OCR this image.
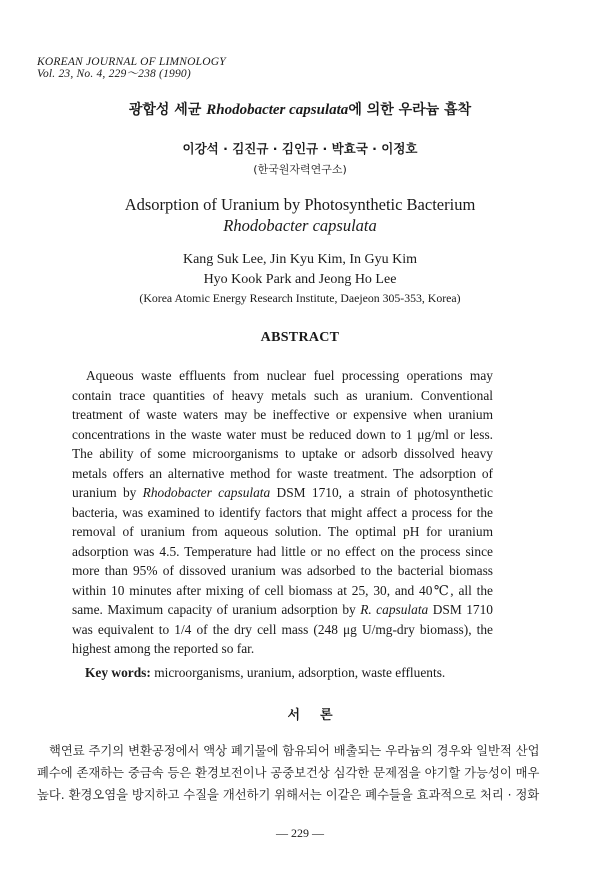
KOREAN JOURNAL OF LIMNOLOGY
Vol. 23, No. 4, 229～238 (1990)
광합성 세균 Rhodobacter capsulata에 의한 우라늄 흡착
이강석 · 김진규 · 김인규 · 박효국 · 이정호
(한국원자력연구소)
Adsorption of Uranium by Photosynthetic Bacterium
Rhodobacter capsulata
Kang Suk Lee, Jin Kyu Kim, In Gyu Kim
Hyo Kook Park and Jeong Ho Lee
(Korea Atomic Energy Research Institute, Daejeon 305-353, Korea)
ABSTRACT

Aqueous waste effluents from nuclear fuel processing operations may contain trace quantities of heavy metals such as uranium. Conventional treatment of waste waters may be ineffective or expensive when uranium concentrations in the waste water must be reduced down to 1 μg/ml or less. The ability of some microorganisms to uptake or adsorb dissolved heavy metals offers an alternative method for waste treatment. The adsorption of uranium by Rhodobacter capsulata DSM 1710, a strain of photosynthetic bacteria, was examined to identify factors that might affect a process for the removal of uranium from aqueous solution. The optimal pH for uranium adsorption was 4.5. Temperature had little or no effect on the process since more than 95% of dissoved uranium was adsorbed to the bacterial biomass within 10 minutes after mixing of cell biomass at 25, 30, and 40℃, all the same. Maximum capacity of uranium adsorption by R. capsulata DSM 1710 was equivalent to 1/4 of the dry cell mass (248 μg U/mg-dry biomass), the highest among the reported so far.

Key words: microorganisms, uranium, adsorption, waste effluents.
서론

핵연료 주기의 변환공정에서 액상 폐기물에 함유되어 배출되는 우라늄의 경우와 일반적 산업
폐수에 존재하는 중금속 등은 환경보전이나 공중보건상 심각한 문제점을 야기할 가능성이 매우
높다. 환경오염을 방지하고 수질을 개선하기 위해서는 이같은 폐수들을 효과적으로 처리 · 정화

— 229 —
